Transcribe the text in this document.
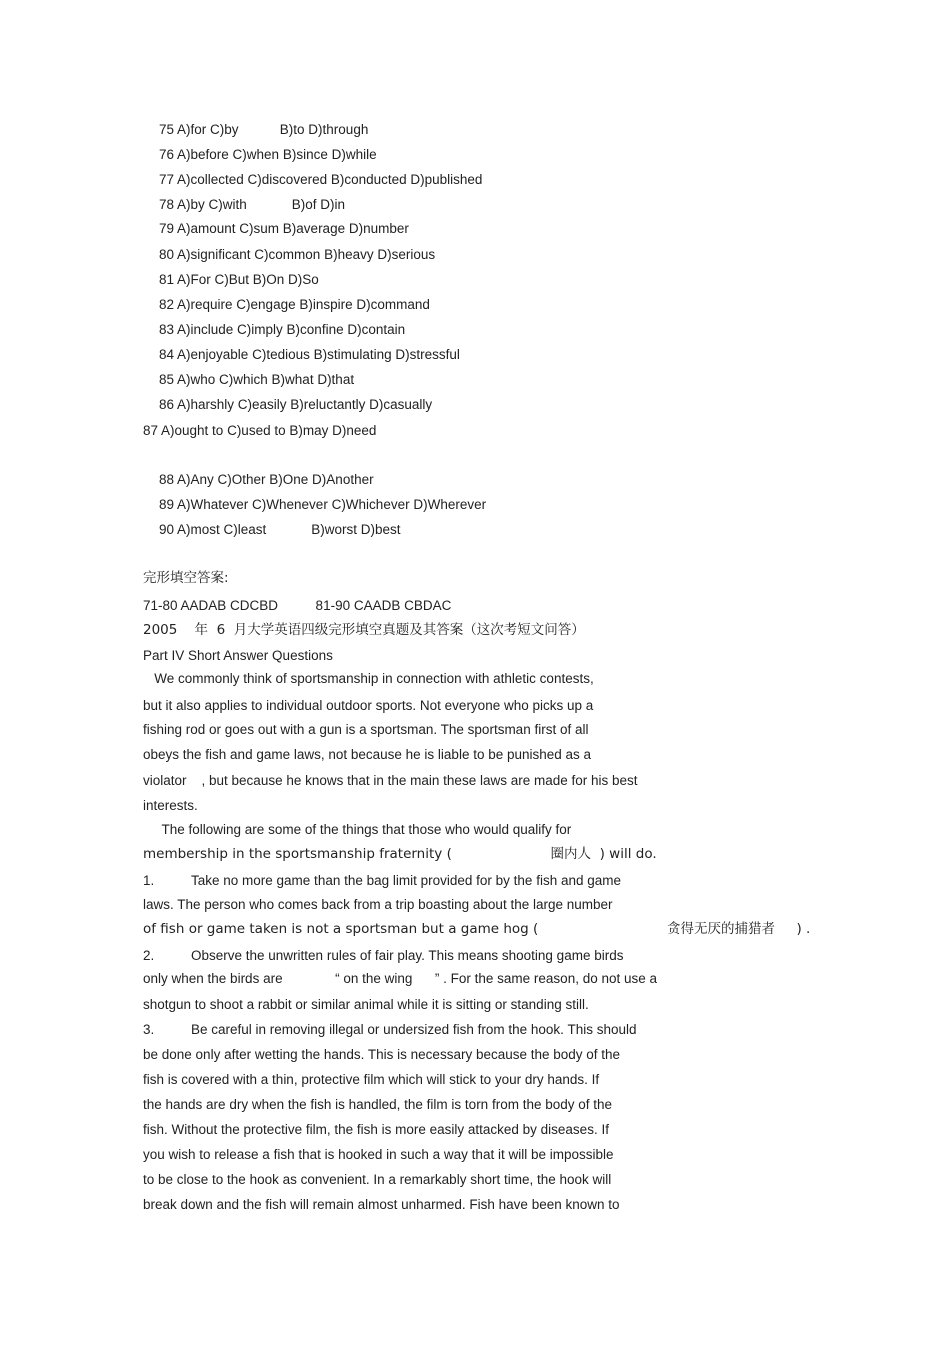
75 A)for C)by           B)to D)through
76 A)before C)when B)since D)while
77 A)collected C)discovered B)conducted D)published
78 A)by C)with            B)of D)in
79 A)amount C)sum B)average D)number
80 A)significant C)common B)heavy D)serious
81 A)For C)But B)On D)So
82 A)require C)engage B)inspire D)command
83 A)include C)imply B)confine D)contain
84 A)enjoyable C)tedious B)stimulating D)stressful
85 A)who C)which B)what D)that
86 A)harshly C)easily B)reluctantly D)casually
87 A)ought to C)used to B)may D)need
88 A)Any C)Other B)One D)Another
89 A)Whatever C)Whenever C)Whichever D)Wherever
90 A)most C)least            B)worst D)best
完形填空答案:
71-80 AADAB CDCBD          81-90 CAADB CBDAC
2005    年  6  月大学英语四级完形填空真题及其答案（这次考短文问答）
Part IV Short Answer Questions
We commonly think of sportsmanship in connection with athletic contests,
but it also applies to individual outdoor sports. Not everyone who picks up a
fishing rod or goes out with a gun is a sportsman. The sportsman first of all
obeys the fish and game laws, not because he is liable to be punished as a
violator    , but because he knows that in the main these laws are made for his best
interests.
The following are some of the things that those who would qualify for
membership in the sportsmanship fraternity (                       圈内人  ) will do.
1.	Take no more game than the bag limit provided for by the fish and game
laws. The person who comes back from a trip boasting about the large number
of fish or game taken is not a sportsman but a game hog (                              贪得无厌的捕猎者     ) .
2.	Observe the unwritten rules of fair play. This means shooting game birds
only when the birds are              “ on the wing      ” . For the same reason, do not use a
shotgun to shoot a rabbit or similar animal while it is sitting or standing still.
3.	Be careful in removing illegal or undersized fish from the hook. This should
be done only after wetting the hands. This is necessary because the body of the
fish is covered with a thin, protective film which will stick to your dry hands. If
the hands are dry when the fish is handled, the film is torn from the body of the
fish. Without the protective film, the fish is more easily attacked by diseases. If
you wish to release a fish that is hooked in such a way that it will be impossible
to be close to the hook as convenient. In a remarkably short time, the hook will
break down and the fish will remain almost unharmed. Fish have been known to
